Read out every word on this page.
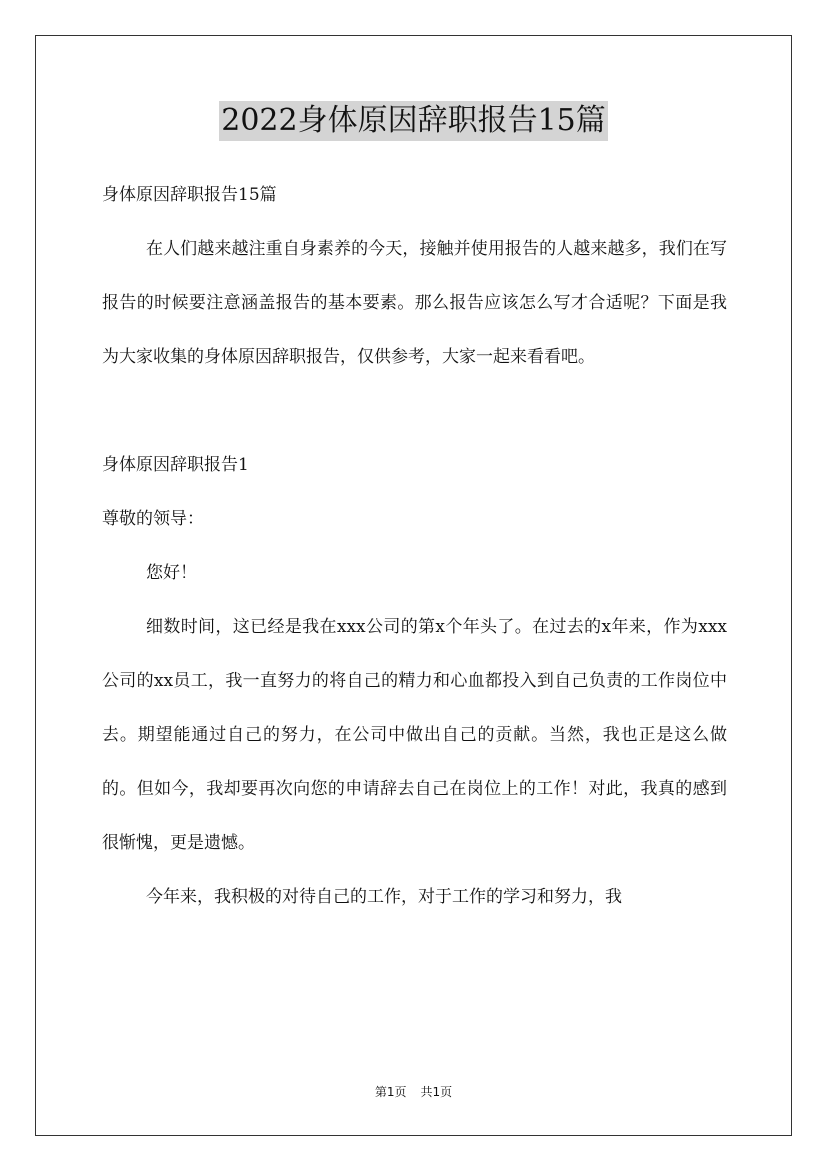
2022身体原因辞职报告15篇

身体原因辞职报告15篇

在人们越来越注重自身素养的今天，接触并使用报告的人越来越多，我们在写报告的时候要注意涵盖报告的基本要素。那么报告应该怎么写才合适呢？下面是我为大家收集的身体原因辞职报告，仅供参考，大家一起来看看吧。

身体原因辞职报告1

尊敬的领导：

您好！

细数时间，这已经是我在xxx公司的第x个年头了。在过去的x年来，作为xxx公司的xx员工，我一直努力的将自己的精力和心血都投入到自己负责的工作岗位中去。期望能通过自己的努力，在公司中做出自己的贡献。当然，我也正是这么做的。但如今，我却要再次向您的申请辞去自己在岗位上的工作！对此，我真的感到很惭愧，更是遗憾。

今年来，我积极的对待自己的工作，对于工作的学习和努力，我

第1页 共1页
